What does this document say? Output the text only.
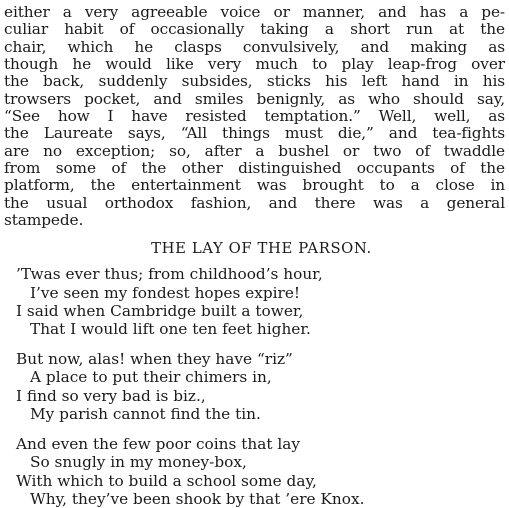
either a very agreeable voice or manner, and has a pe-
culiar habit of occasionally taking a short run at the
chair, which he clasps convulsively, and making as
though he would like very much to play leap-frog over
the back, suddenly subsides, sticks his left hand in his
trowsers pocket, and smiles benignly, as who should say,
“See how I have resisted temptation.” Well, well, as
the Laureate says, “All things must die,” and tea-fights
are no exception; so, after a bushel or two of twaddle
from some of the other distinguished occupants of the
platform, the entertainment was brought to a close in
the usual orthodox fashion, and there was a general
stampede.
THE LAY OF THE PARSON.
’Twas ever thus; from childhood’s hour,
I’ve seen my fondest hopes expire!
I said when Cambridge built a tower,
That I would lift one ten feet higher.
But now, alas! when they have “riz”
A place to put their chimers in,
I find so very bad is biz.,
My parish cannot find the tin.
And even the few poor coins that lay
So snugly in my money-box,
With which to build a school some day,
Why, they’ve been shook by that ’ere Knox.
